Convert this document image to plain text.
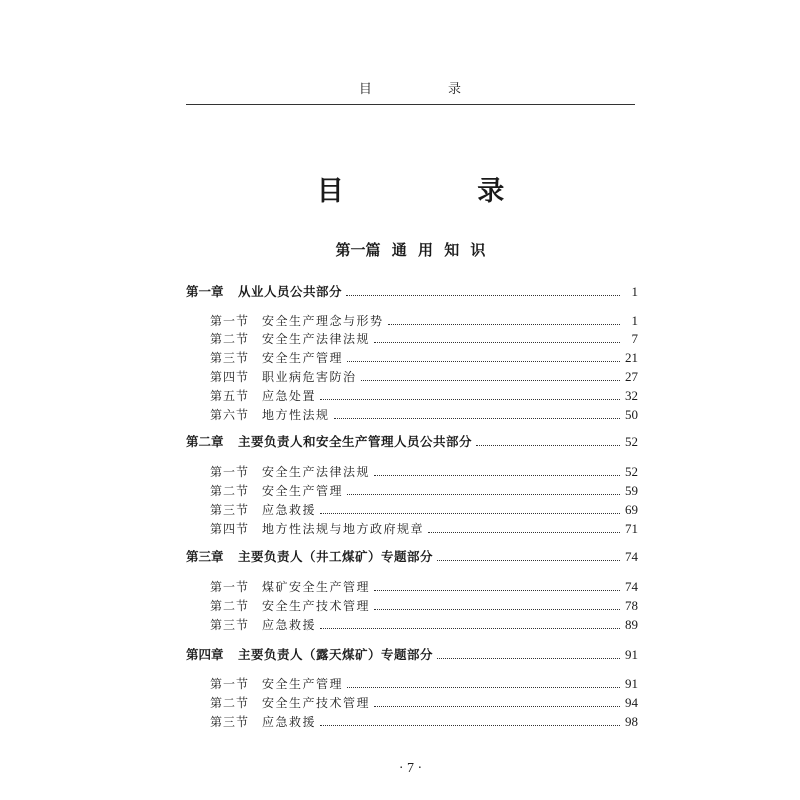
目 录
目 录
第一篇 通 用 知 识
第一章	从业人员公共部分	1
第一节	安全生产理念与形势	1
第二节	安全生产法律法规	7
第三节	安全生产管理	21
第四节	职业病危害防治	27
第五节	应急处置	32
第六节	地方性法规	50
第二章	主要负责人和安全生产管理人员公共部分	52
第一节	安全生产法律法规	52
第二节	安全生产管理	59
第三节	应急救援	69
第四节	地方性法规与地方政府规章	71
第三章	主要负责人（井工煤矿）专题部分	74
第一节	煤矿安全生产管理	74
第二节	安全生产技术管理	78
第三节	应急救援	89
第四章	主要负责人（露天煤矿）专题部分	91
第一节	安全生产管理	91
第二节	安全生产技术管理	94
第三节	应急救援	98
· 7 ·
